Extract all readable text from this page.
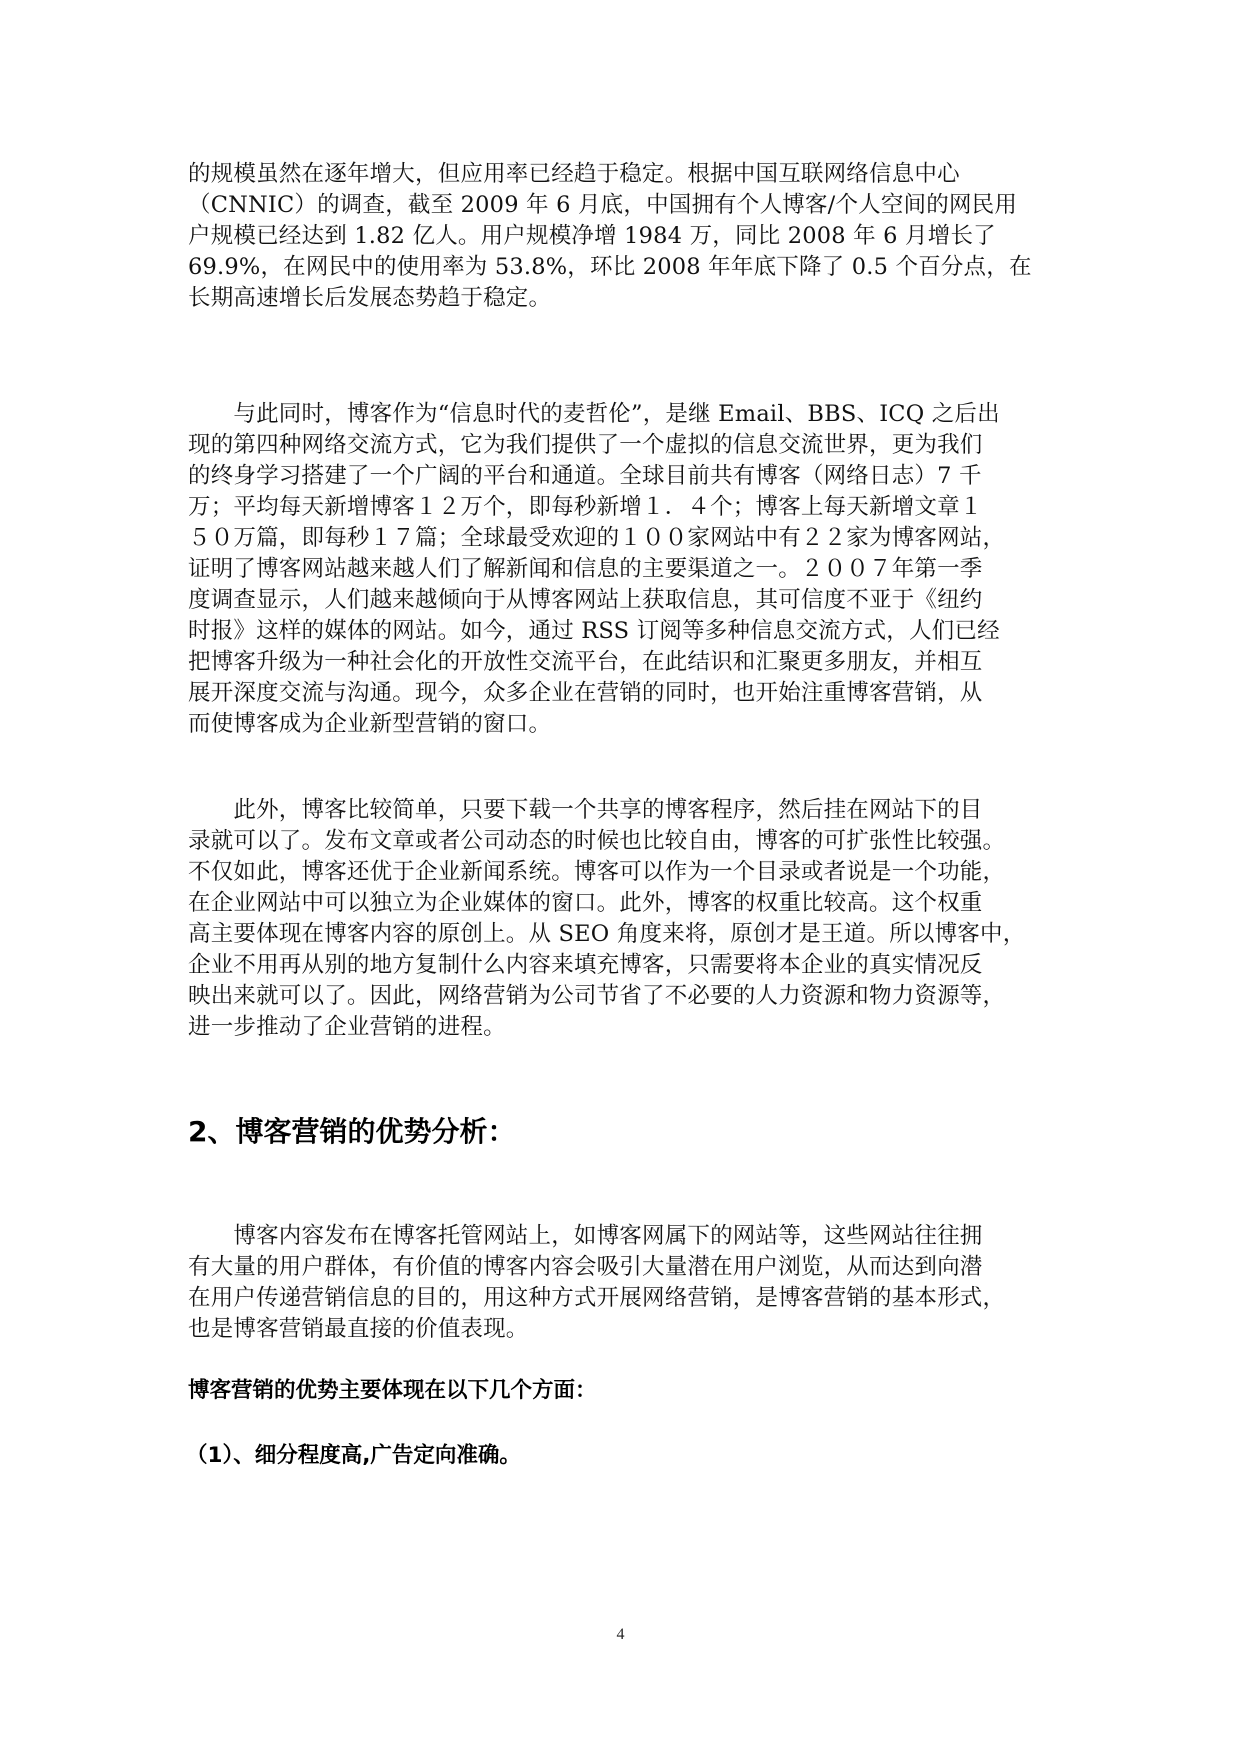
的规模虽然在逐年增大，但应用率已经趋于稳定。根据中国互联网络信息中心
（CNNIC）的调查，截至 2009 年 6 月底，中国拥有个人博客/个人空间的网民用
户规模已经达到 1.82 亿人。用户规模净增 1984 万，同比 2008 年 6 月增长了
69.9%，在网民中的使用率为 53.8%，环比 2008 年年底下降了 0.5 个百分点，在
长期高速增长后发展态势趋于稳定。

　　与此同时，博客作为“信息时代的麦哲伦”，是继 Email、BBS、ICQ 之后出
现的第四种网络交流方式，它为我们提供了一个虚拟的信息交流世界，更为我们
的终身学习搭建了一个广阔的平台和通道。全球目前共有博客（网络日志）7 千
万；平均每天新增博客１２万个，即每秒新增１．４个；博客上每天新增文章１
５０万篇，即每秒１７篇；全球最受欢迎的１００家网站中有２２家为博客网站，
证明了博客网站越来越人们了解新闻和信息的主要渠道之一。２００７年第一季
度调查显示，人们越来越倾向于从博客网站上获取信息，其可信度不亚于《纽约
时报》这样的媒体的网站。如今，通过 RSS 订阅等多种信息交流方式，人们已经
把博客升级为一种社会化的开放性交流平台，在此结识和汇聚更多朋友，并相互
展开深度交流与沟通。现今，众多企业在营销的同时，也开始注重博客营销，从
而使博客成为企业新型营销的窗口。

　　此外，博客比较简单，只要下载一个共享的博客程序，然后挂在网站下的目
录就可以了。发布文章或者公司动态的时候也比较自由，博客的可扩张性比较强。
不仅如此，博客还优于企业新闻系统。博客可以作为一个目录或者说是一个功能，
在企业网站中可以独立为企业媒体的窗口。此外，博客的权重比较高。这个权重
高主要体现在博客内容的原创上。从 SEO 角度来将，原创才是王道。所以博客中，
企业不用再从别的地方复制什么内容来填充博客，只需要将本企业的真实情况反
映出来就可以了。因此，网络营销为公司节省了不必要的人力资源和物力资源等，
进一步推动了企业营销的进程。

2、博客营销的优势分析：

　　博客内容发布在博客托管网站上，如博客网属下的网站等，这些网站往往拥
有大量的用户群体，有价值的博客内容会吸引大量潜在用户浏览，从而达到向潜
在用户传递营销信息的目的，用这种方式开展网络营销，是博客营销的基本形式，
也是博客营销最直接的价值表现。

博客营销的优势主要体现在以下几个方面：

（1）、细分程度高,广告定向准确。

4
